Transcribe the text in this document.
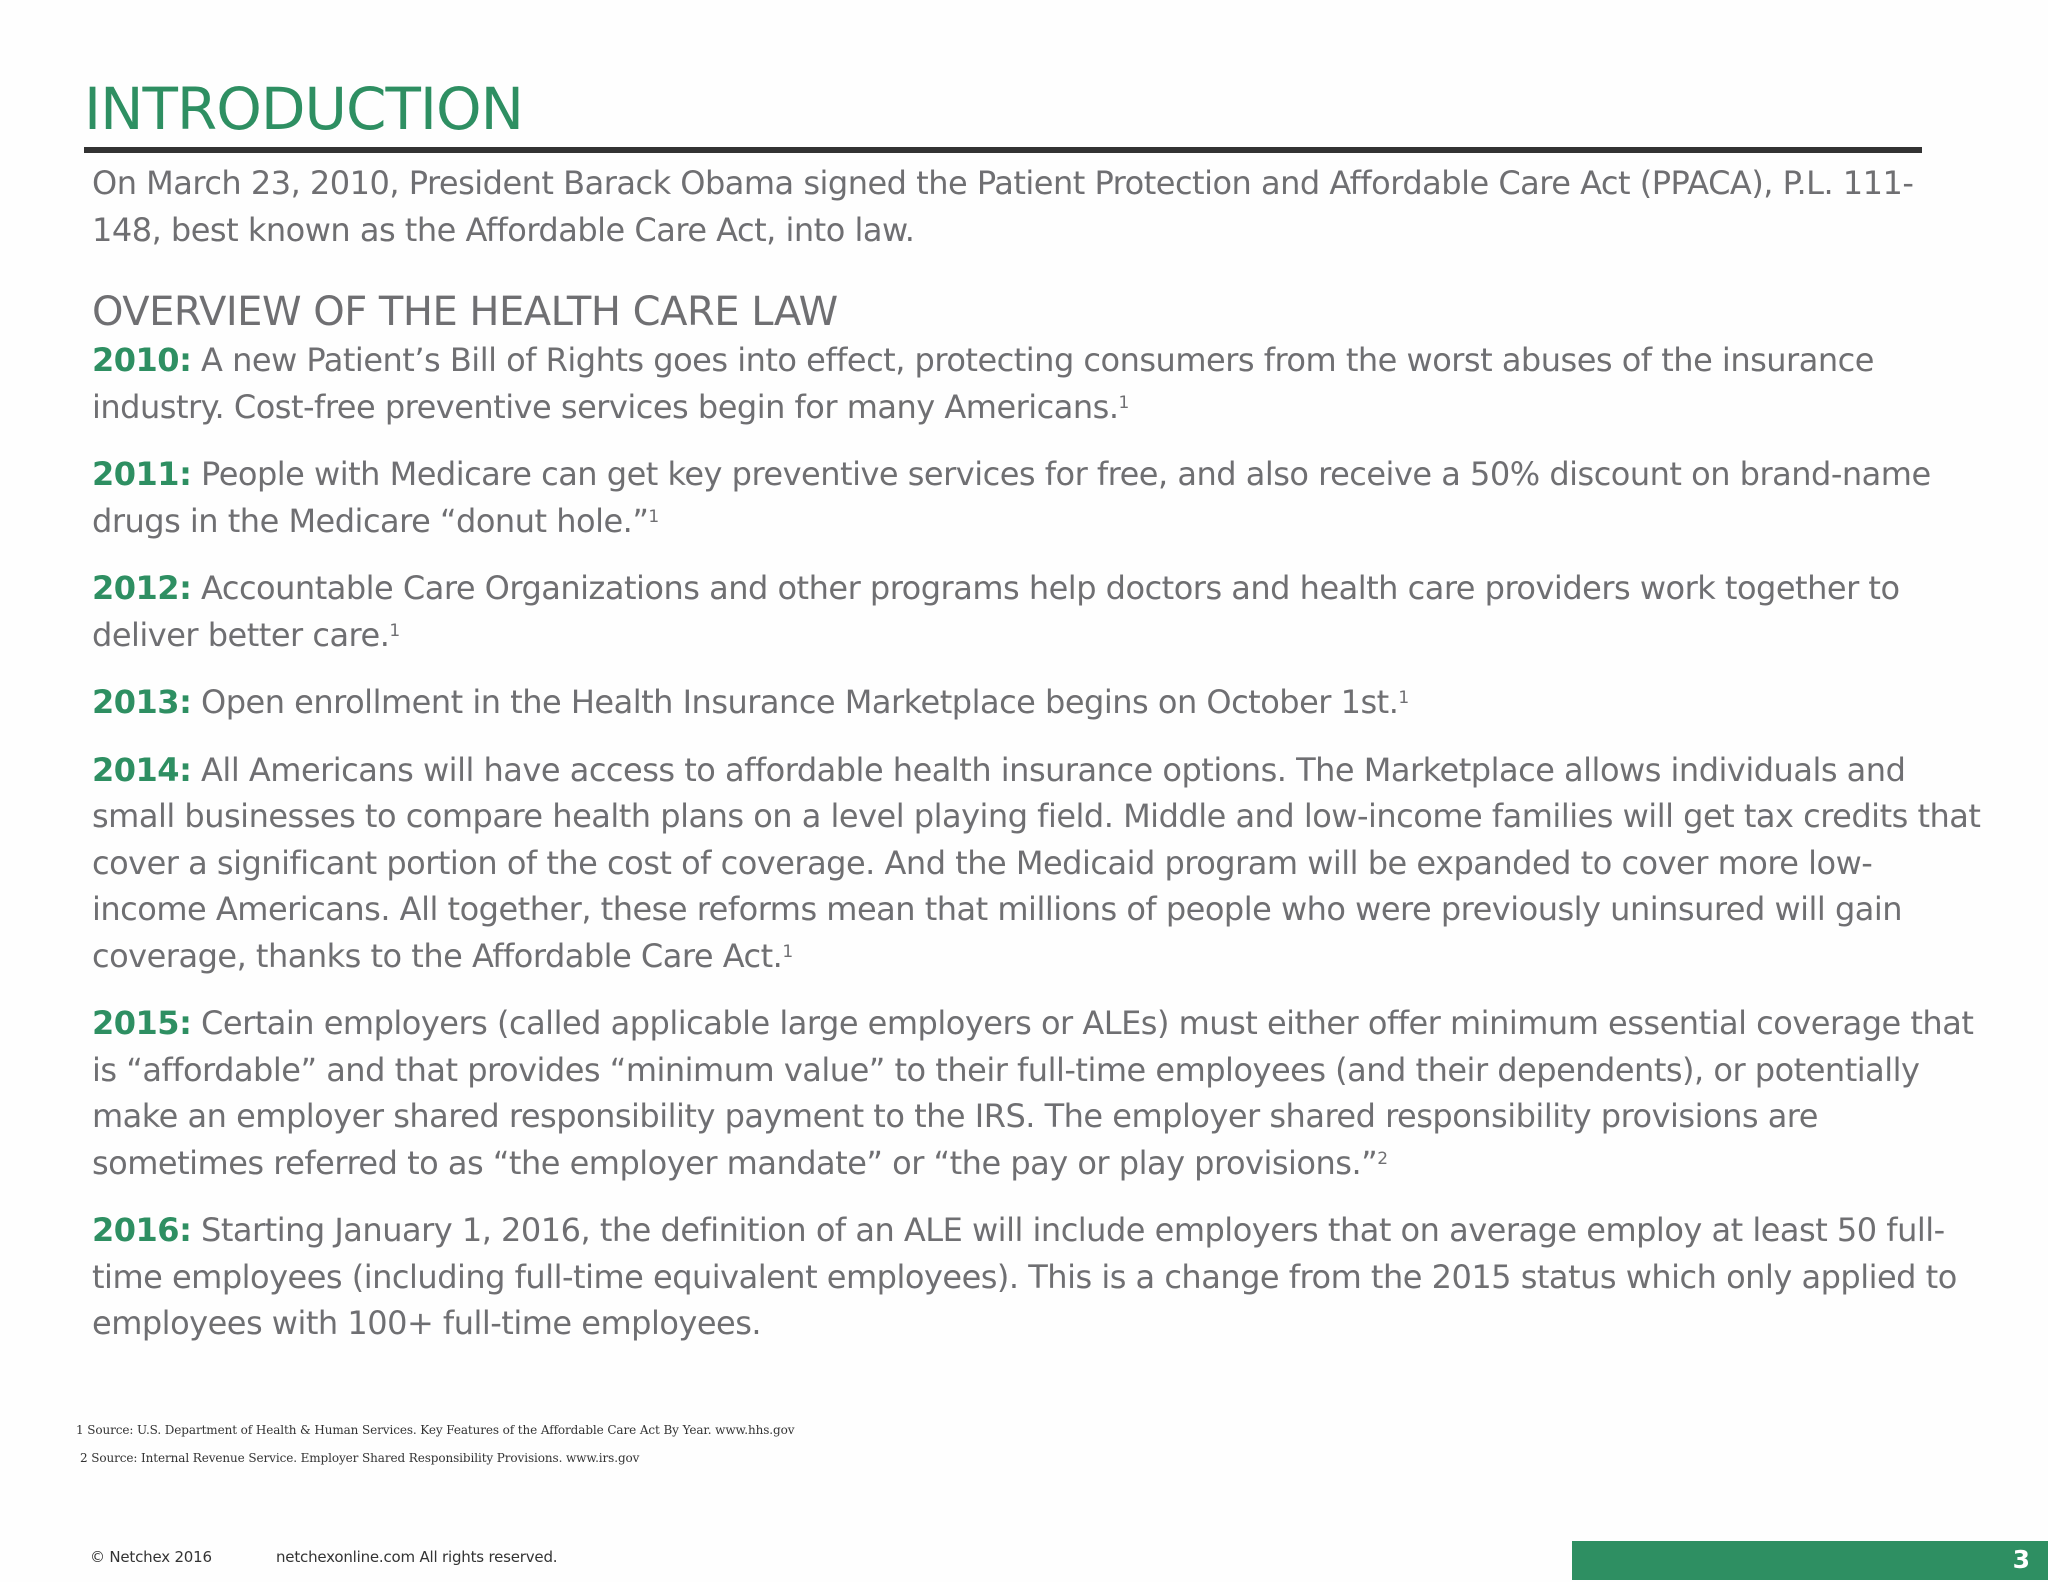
INTRODUCTION

On March 23, 2010, President Barack Obama signed the Patient Protection and Affordable Care Act (PPACA), P.L. 111-148, best known as the Affordable Care Act, into law.

OVERVIEW OF THE HEALTH CARE LAW

2010: A new Patient’s Bill of Rights goes into effect, protecting consumers from the worst abuses of the insurance industry. Cost-free preventive services begin for many Americans.$^1$

2011: People with Medicare can get key preventive services for free, and also receive a 50% discount on brand-name drugs in the Medicare “donut hole.”$^1$

2012: Accountable Care Organizations and other programs help doctors and health care providers work together to deliver better care.$^1$

2013: Open enrollment in the Health Insurance Marketplace begins on October 1st.$^1$

2014: All Americans will have access to affordable health insurance options. The Marketplace allows individuals and small businesses to compare health plans on a level playing field. Middle and low-income families will get tax credits that cover a significant portion of the cost of coverage. And the Medicaid program will be expanded to cover more low-income Americans. All together, these reforms mean that millions of people who were previously uninsured will gain coverage, thanks to the Affordable Care Act.$^1$

2015: Certain employers (called applicable large employers or ALEs) must either offer minimum essential coverage that is “affordable” and that provides “minimum value” to their full-time employees (and their dependents), or potentially make an employer shared responsibility payment to the IRS. The employer shared responsibility provisions are sometimes referred to as “the employer mandate” or “the pay or play provisions.”$^2$

2016: Starting January 1, 2016, the definition of an ALE will include employers that on average employ at least 50 full-time employees (including full-time equivalent employees). This is a change from the 2015 status which only applied to employees with 100+ full-time employees.

1 Source: U.S. Department of Health & Human Services. Key Features of the Affordable Care Act By Year. www.hhs.gov
2 Source: Internal Revenue Service. Employer Shared Responsibility Provisions. www.irs.gov
© Netchex 2016	netchexonline.com All rights reserved.	3
